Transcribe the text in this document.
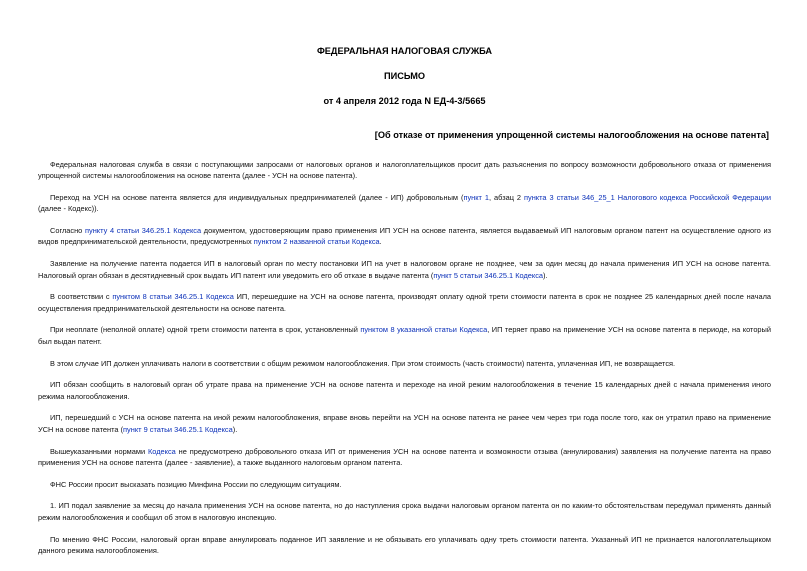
ФЕДЕРАЛЬНАЯ НАЛОГОВАЯ СЛУЖБА
ПИСЬМО
от 4 апреля 2012 года N ЕД-4-3/5665
[Об отказе от применения упрощенной системы налогообложения на основе патента]

Федеральная налоговая служба в связи с поступающими запросами от налоговых органов и налогоплательщиков просит дать разъяснения по вопросу возможности добровольного отказа от применения упрощенной системы налогообложения на основе патента (далее - УСН на основе патента).

Переход на УСН на основе патента является для индивидуальных предпринимателей (далее - ИП) добровольным (пункт 1, абзац 2 пункта 3 статьи 346_25_1 Налогового кодекса Российской Федерации (далее - Кодекс)).

Согласно пункту 4 статьи 346.25.1 Кодекса документом, удостоверяющим право применения ИП УСН на основе патента, является выдаваемый ИП налоговым органом патент на осуществление одного из видов предпринимательской деятельности, предусмотренных пунктом 2 названной статьи Кодекса.

Заявление на получение патента подается ИП в налоговый орган по месту постановки ИП на учет в налоговом органе не позднее, чем за один месяц до начала применения ИП УСН на основе патента. Налоговый орган обязан в десятидневный срок выдать ИП патент или уведомить его об отказе в выдаче патента (пункт 5 статьи 346.25.1 Кодекса).

В соответствии с пунктом 8 статьи 346.25.1 Кодекса ИП, перешедшие на УСН на основе патента, производят оплату одной трети стоимости патента в срок не позднее 25 календарных дней после начала осуществления предпринимательской деятельности на основе патента.

При неоплате (неполной оплате) одной трети стоимости патента в срок, установленный пунктом 8 указанной статьи Кодекса, ИП теряет право на применение УСН на основе патента в периоде, на который был выдан патент.

В этом случае ИП должен уплачивать налоги в соответствии с общим режимом налогообложения. При этом стоимость (часть стоимости) патента, уплаченная ИП, не возвращается.

ИП обязан сообщить в налоговый орган об утрате права на применение УСН на основе патента и переходе на иной режим налогообложения в течение 15 календарных дней с начала применения иного режима налогообложения.

ИП, перешедший с УСН на основе патента на иной режим налогообложения, вправе вновь перейти на УСН на основе патента не ранее чем через три года после того, как он утратил право на применение УСН на основе патента (пункт 9 статьи 346.25.1 Кодекса).

Вышеуказанными нормами Кодекса не предусмотрено добровольного отказа ИП от применения УСН на основе патента и возможности отзыва (аннулирования) заявления на получение патента на право применения УСН на основе патента (далее - заявление), а также выданного налоговым органом патента.

ФНС России просит высказать позицию Минфина России по следующим ситуациям.

1. ИП подал заявление за месяц до начала применения УСН на основе патента, но до наступления срока выдачи налоговым органом патента он по каким-то обстоятельствам передумал применять данный режим налогообложения и сообщил об этом в налоговую инспекцию.

По мнению ФНС России, налоговый орган вправе аннулировать поданное ИП заявление и не обязывать его уплачивать одну треть стоимости патента. Указанный ИП не признается налогоплательщиком данного режима налогообложения.
